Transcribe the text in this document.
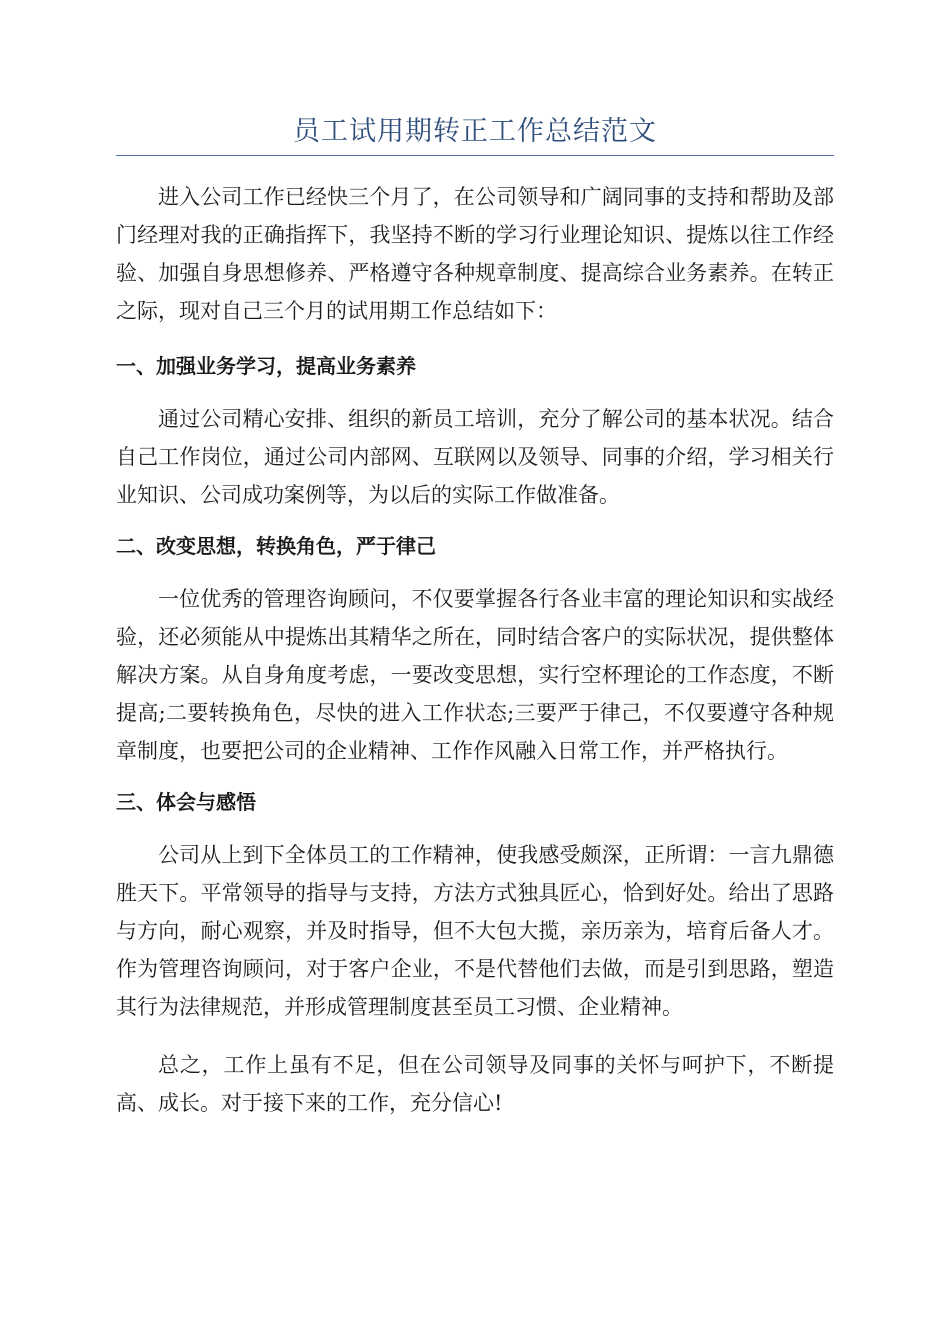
员工试用期转正工作总结范文

进入公司工作已经快三个月了，在公司领导和广阔同事的支持和帮助及部门经理对我的正确指挥下，我坚持不断的学习行业理论知识、提炼以往工作经验、加强自身思想修养、严格遵守各种规章制度、提高综合业务素养。在转正之际，现对自己三个月的试用期工作总结如下：

一、加强业务学习，提高业务素养

通过公司精心安排、组织的新员工培训，充分了解公司的基本状况。结合自己工作岗位，通过公司内部网、互联网以及领导、同事的介绍，学习相关行业知识、公司成功案例等，为以后的实际工作做准备。

二、改变思想，转换角色，严于律己

一位优秀的管理咨询顾问，不仅要掌握各行各业丰富的理论知识和实战经验，还必须能从中提炼出其精华之所在，同时结合客户的实际状况，提供整体解决方案。从自身角度考虑，一要改变思想，实行空杯理论的工作态度，不断提高;二要转换角色，尽快的进入工作状态;三要严于律己，不仅要遵守各种规章制度，也要把公司的企业精神、工作作风融入日常工作，并严格执行。

三、体会与感悟

公司从上到下全体员工的工作精神，使我感受颇深，正所谓：一言九鼎德胜天下。平常领导的指导与支持，方法方式独具匠心，恰到好处。给出了思路与方向，耐心观察，并及时指导，但不大包大揽，亲历亲为，培育后备人才。作为管理咨询顾问，对于客户企业，不是代替他们去做，而是引到思路，塑造其行为法律规范，并形成管理制度甚至员工习惯、企业精神。

总之，工作上虽有不足，但在公司领导及同事的关怀与呵护下，不断提高、成长。对于接下来的工作，充分信心!
